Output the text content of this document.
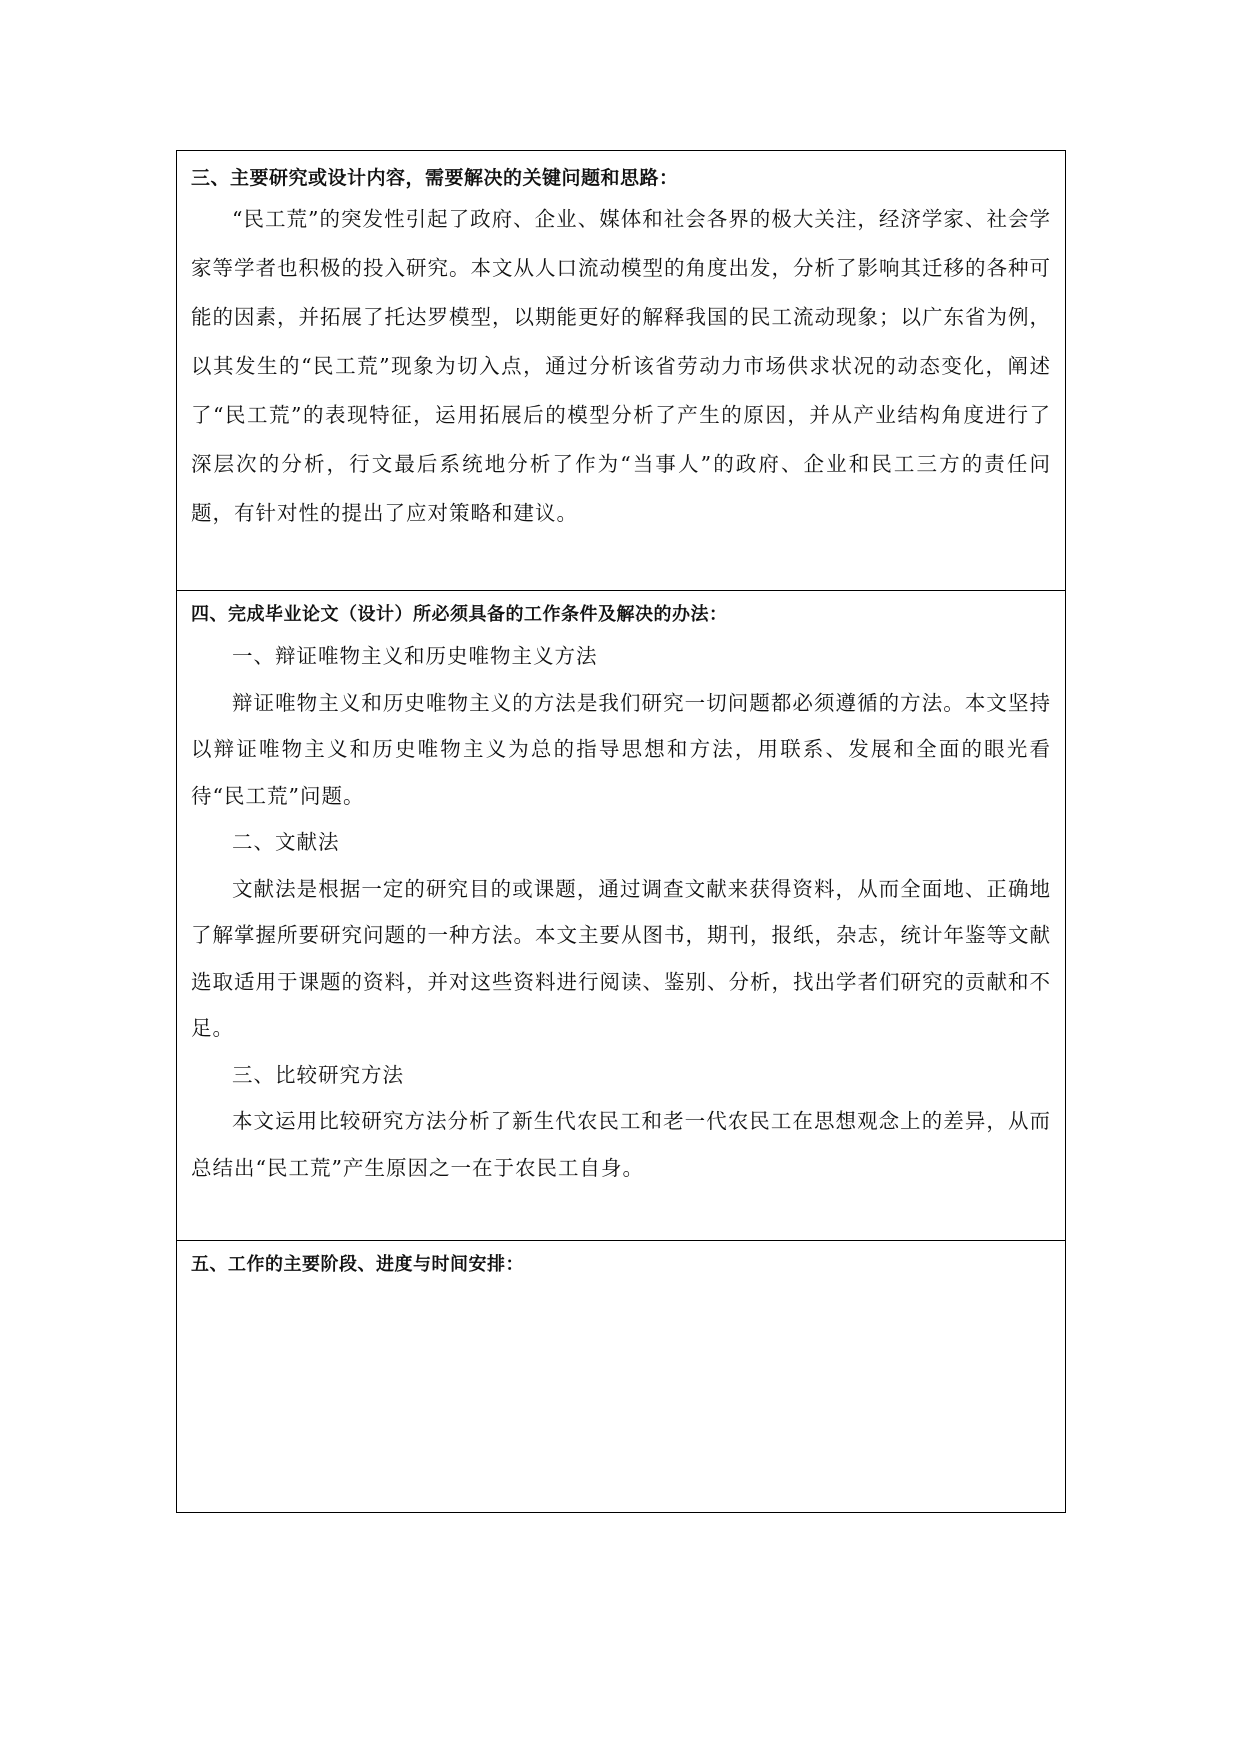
三、主要研究或设计内容，需要解决的关键问题和思路：

“民工荒”的突发性引起了政府、企业、媒体和社会各界的极大关注，经济学家、社会学家等学者也积极的投入研究。本文从人口流动模型的角度出发，分析了影响其迁移的各种可能的因素，并拓展了托达罗模型，以期能更好的解释我国的民工流动现象；以广东省为例，以其发生的“民工荒”现象为切入点，通过分析该省劳动力市场供求状况的动态变化，阐述了“民工荒”的表现特征，运用拓展后的模型分析了产生的原因，并从产业结构角度进行了深层次的分析，行文最后系统地分析了作为“当事人”的政府、企业和民工三方的责任问题，有针对性的提出了应对策略和建议。

四、完成毕业论文（设计）所必须具备的工作条件及解决的办法：

一、辩证唯物主义和历史唯物主义方法

辩证唯物主义和历史唯物主义的方法是我们研究一切问题都必须遵循的方法。本文坚持以辩证唯物主义和历史唯物主义为总的指导思想和方法，用联系、发展和全面的眼光看待“民工荒”问题。

二、文献法

文献法是根据一定的研究目的或课题，通过调查文献来获得资料，从而全面地、正确地了解掌握所要研究问题的一种方法。本文主要从图书，期刊，报纸，杂志，统计年鉴等文献选取适用于课题的资料，并对这些资料进行阅读、鉴别、分析，找出学者们研究的贡献和不足。

三、比较研究方法

本文运用比较研究方法分析了新生代农民工和老一代农民工在思想观念上的差异，从而总结出“民工荒”产生原因之一在于农民工自身。

五、工作的主要阶段、进度与时间安排：
